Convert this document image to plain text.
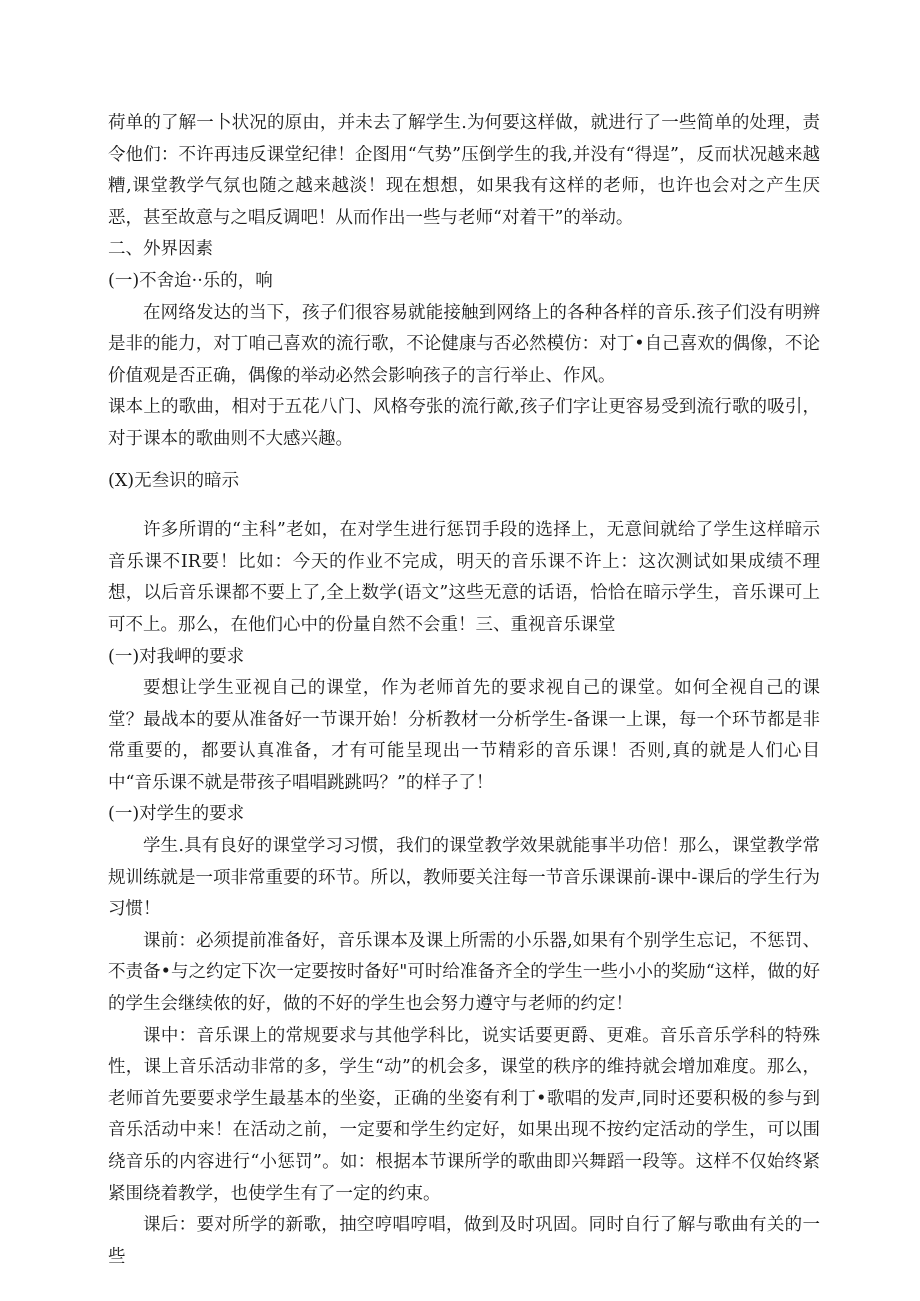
荷单的了解一卜状况的原由，并未去了解学生.为何要这样做，就进行了一些简单的处理，责令他们：不许再违反课堂纪律！企图用“气势”压倒学生的我,并没有“得逞”，反而状况越来越糟,课堂教学气氛也随之越来越淡！现在想想，如果我有这样的老师，也许也会对之产生厌恶，甚至故意与之唱反调吧！从而作出一些与老师“对着干”的举动。

二、外界因素

(一)不舍迨··乐的，响

在网络发达的当下，孩子们很容易就能接触到网络上的各种各样的音乐.孩子们没有明辨是非的能力，对丁咱己喜欢的流行歌，不论健康与否必然模仿：对丁•自己喜欢的偶像，不论价值观是否正确，偶像的举动必然会影响孩子的言行举止、作风。

课本上的歌曲，相对于五花八门、风格夸张的流行歒,孩子们字让更容易受到流行歌的吸引，对于课本的歌曲则不大感兴趣。

(X)无叁识的暗示

许多所谓的“主科”老如，在对学生进行惩罚手段的选择上，无意间就给了学生这样暗示音乐课不IR要！比如：今天的作业不完成，明天的音乐课不许上：这次测试如果成绩不理想，以后音乐课都不要上了,全上数学(语文”这些无意的话语，恰恰在暗示学生，音乐课可上可不上。那么，在他们心中的份量自然不会重！三、重视音乐课堂

(一)对我岬的要求

要想让学生亚视自己的课堂，作为老师首先的要求视自己的课堂。如何全视自己的课堂？最战本的要从准备好一节课开始！分析教材一分析学生-备课一上课，每一个环节都是非常重要的，都要认真准备，才有可能呈现出一节精彩的音乐课！否则,真的就是人们心目中“音乐课不就是带孩子唱唱跳跳吗？”的样子了！

(一)对学生的要求

学生.具有良好的课堂学习习惯，我们的课堂教学效果就能事半功倍！那么，课堂教学常规训练就是一项非常重要的环节。所以，教师要关注每一节音乐课课前-课中-课后的学生行为习惯！

课前：必须提前准备好，音乐课本及课上所需的小乐器,如果有个别学生忘记，不惩罚、不责备•与之约定下次一定要按时备好"可时给准备齐全的学生一些小小的奖励“这样，做的好的学生会继续侬的好，做的不好的学生也会努力遵守与老师的约定！

课中：音乐课上的常规要求与其他学科比，说实话要更爵、更难。音乐音乐学科的特殊性，课上音乐活动非常的多，学生“动”的机会多，课堂的秩序的维持就会增加难度。那么，老师首先要要求学生最基本的坐姿，正确的坐姿有利丁•歌唱的发声,同时还要积极的参与到音乐活动中来！在活动之前，一定要和学生约定好，如果出现不按约定活动的学生，可以围绕音乐的内容进行“小惩罚”。如：根据本节课所学的歌曲即兴舞蹈一段等。这样不仅始终紧紧围绕着教学，也使学生有了一定的约束。

课后：要对所学的新歌，抽空哼唱哼唱，做到及时巩固。同时自行了解与歌曲有关的一些
